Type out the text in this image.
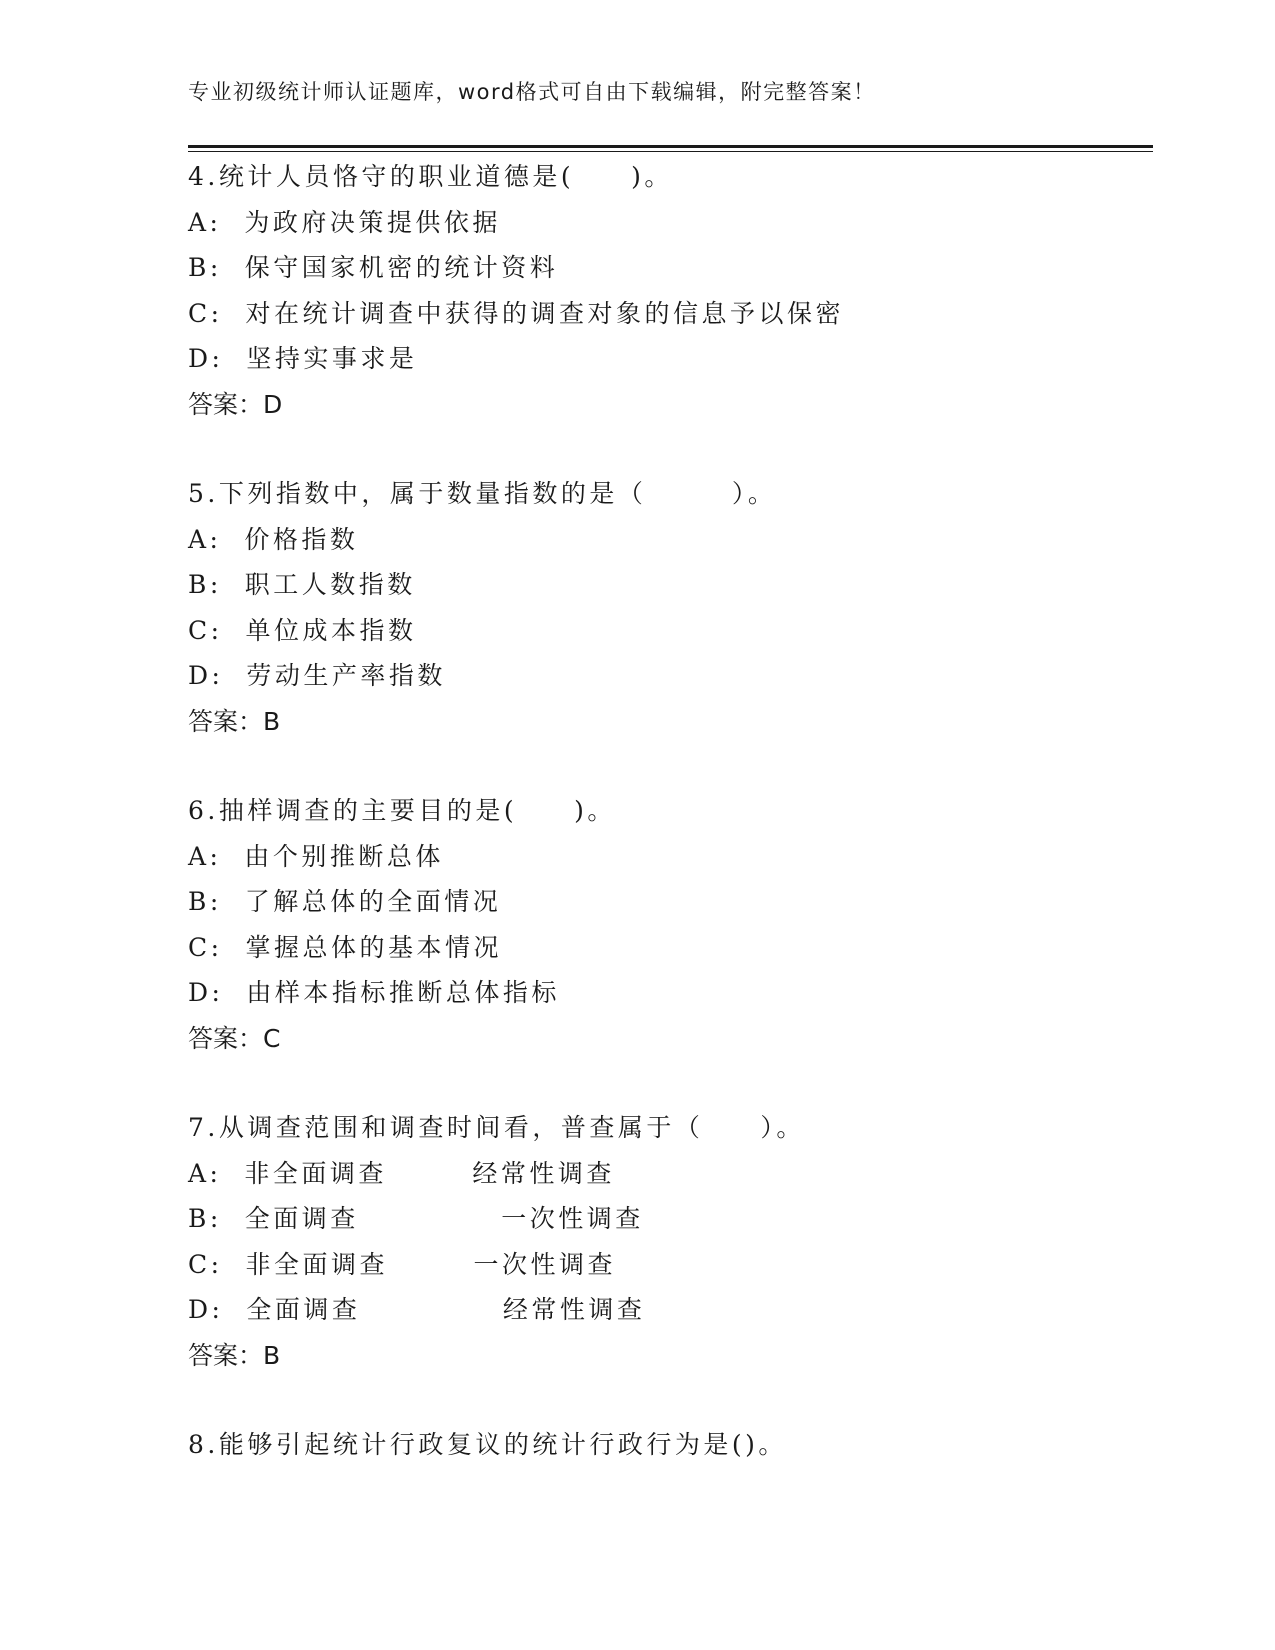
专业初级统计师认证题库，word格式可自由下载编辑，附完整答案！
4.统计人员恪守的职业道德是(　　)。
A:  为政府决策提供依据
B:  保守国家机密的统计资料
C:  对在统计调查中获得的调查对象的信息予以保密
D:  坚持实事求是
答案：D
5.下列指数中，属于数量指数的是（　　　）。
A:  价格指数
B:  职工人数指数
C:  单位成本指数
D:  劳动生产率指数
答案：B
6.抽样调查的主要目的是(　　)。
A:  由个别推断总体
B:  了解总体的全面情况
C:  掌握总体的基本情况
D:  由样本指标推断总体指标
答案：C
7.从调查范围和调查时间看，普查属于（　　）。
A:  非全面调查　　　经常性调查
B:  全面调查　　　　　一次性调查
C:  非全面调查　　　一次性调查
D:  全面调查　　　　　经常性调查
答案：B
8.能够引起统计行政复议的统计行政行为是()。
